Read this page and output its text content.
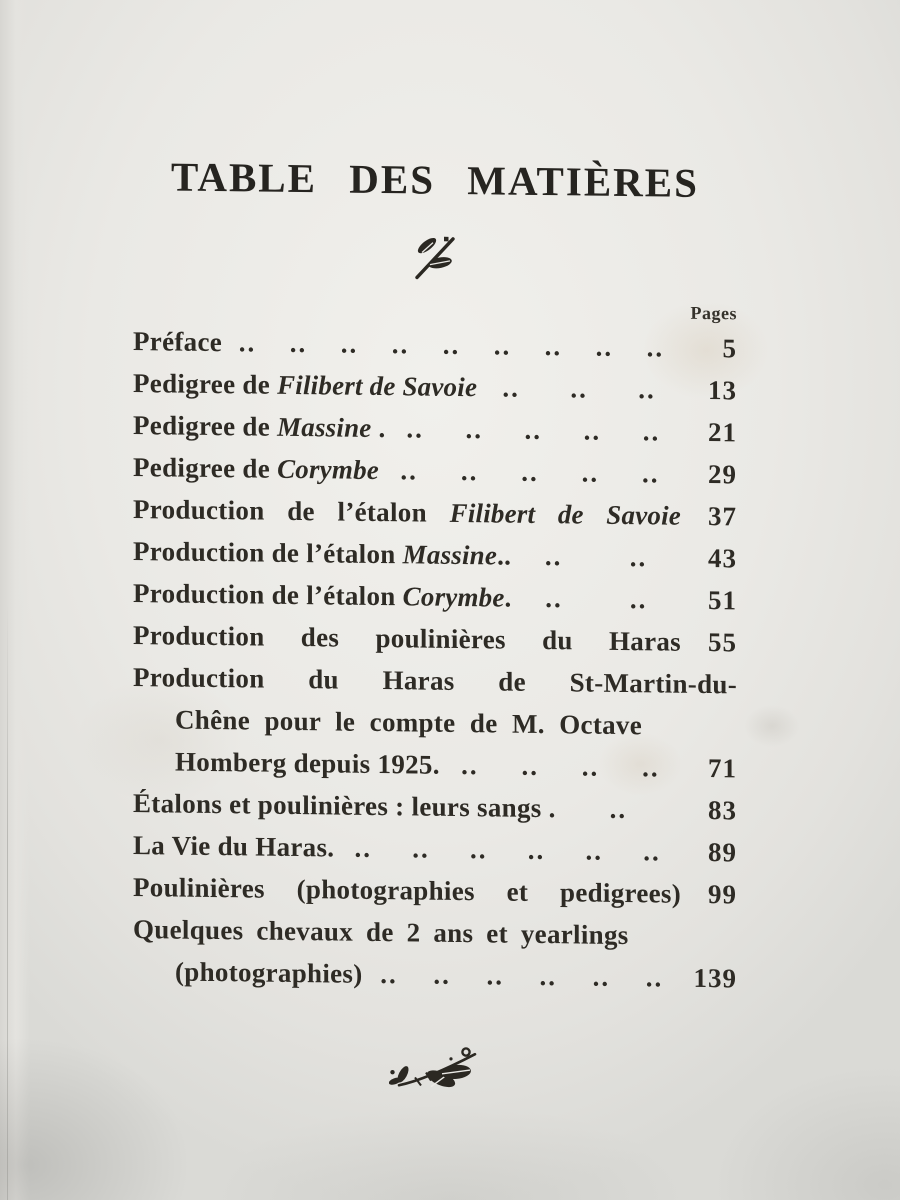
TABLE DES MATIÈRES
Pages
Préface .. .. .. .. .. .. .. .. ..	5
Pedigree de Filibert de Savoie .. .. ..	13
Pedigree de Massine . .. .. .. .. ..	21
Pedigree de Corymbe .. .. .. .. ..	29
Production de l’étalon Filibert de Savoie	37
Production de l’étalon Massine.. .. ..	43
Production de l’étalon Corymbe. .. ..	51
Production des poulinières du Haras	55
Production du Haras de St-Martin-du-
Chêne pour le compte de M. Octave
Homberg depuis 1925. .. .. .. ..	71
Étalons et poulinières : leurs sangs . ..	83
La Vie du Haras. .. .. .. .. .. ..	89
Poulinières (photographies et pedigrees)	99
Quelques chevaux de 2 ans et yearlings
(photographies) .. .. .. .. .. ..	139
